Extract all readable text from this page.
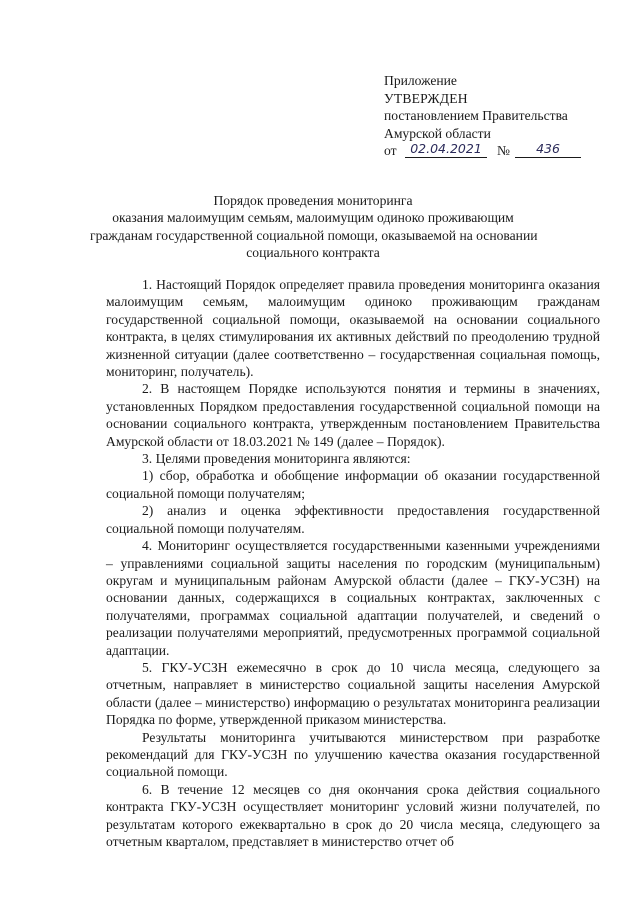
Приложение
УТВЕРЖДЕН
постановлением Правительства
Амурской области
от	02.04.2021	№	436
Порядок проведения мониторинга
оказания малоимущим семьям, малоимущим одиноко проживающим
гражданам государственной социальной помощи, оказываемой на основании
социального контракта

1. Настоящий Порядок определяет правила проведения мониторинга оказания малоимущим семьям, малоимущим одиноко проживающим гражданам государственной социальной помощи, оказываемой на основании социального контракта, в целях стимулирования их активных действий по преодолению трудной жизненной ситуации (далее соответственно – государственная социальная помощь, мониторинг, получатель).

2. В настоящем Порядке используются понятия и термины в значениях, установленных Порядком предоставления государственной социальной помощи на основании социального контракта, утвержденным постановлением Правительства Амурской области от 18.03.2021 № 149 (далее – Порядок).

3. Целями проведения мониторинга являются:

1) сбор, обработка и обобщение информации об оказании государственной социальной помощи получателям;

2) анализ и оценка эффективности предоставления государственной социальной помощи получателям.

4. Мониторинг осуществляется государственными казенными учреждениями – управлениями социальной защиты населения по городским (муниципальным) округам и муниципальным районам Амурской области (далее – ГКУ-УСЗН) на основании данных, содержащихся в социальных контрактах, заключенных с получателями, программах социальной адаптации получателей, и сведений о реализации получателями мероприятий, предусмотренных программой социальной адаптации.

5. ГКУ-УСЗН ежемесячно в срок до 10 числа месяца, следующего за отчетным, направляет в министерство социальной защиты населения Амурской области (далее – министерство) информацию о результатах мониторинга реализации Порядка по форме, утвержденной приказом министерства.

Результаты мониторинга учитываются министерством при разработке рекомендаций для ГКУ-УСЗН по улучшению качества оказания государственной социальной помощи.

6. В течение 12 месяцев со дня окончания срока действия социального контракта ГКУ-УСЗН осуществляет мониторинг условий жизни получателей, по результатам которого ежеквартально в срок до 20 числа месяца, следующего за отчетным кварталом, представляет в министерство отчет об
